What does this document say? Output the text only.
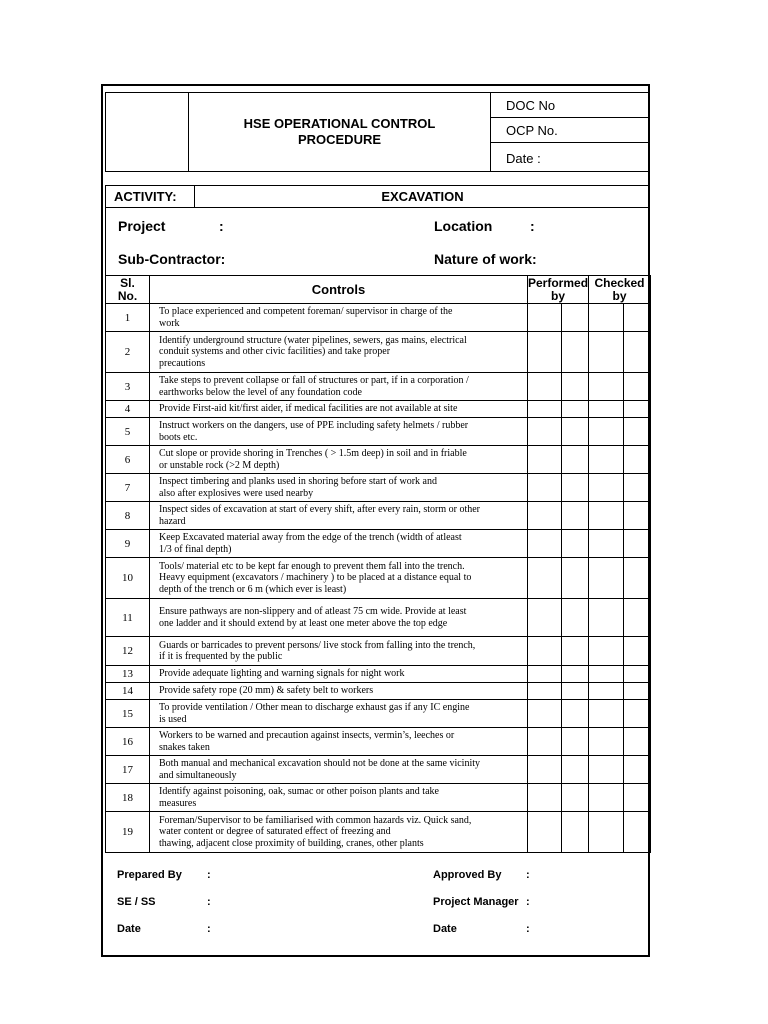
HSE OPERATIONAL CONTROL
PROCEDURE
DOC No
OCP No.
Date :
ACTIVITY:	EXCAVATION
Project	:	Location	:
Sub-Contractor:	Nature of work:
Sl.
No.	Controls	Performed
by		Checked
by	
1	To place experienced and competent foreman/ supervisor in charge of the
work				

2	Identify underground structure (water pipelines, sewers, gas mains, electrical
conduit systems and other civic facilities) and take proper
precautions				

3	Take steps to prevent collapse or fall of structures or part, if in a corporation /
earthworks below the level of any foundation code				

4	Provide First-aid kit/first aider, if medical facilities are not available at site				

5	Instruct workers on the dangers, use of PPE including safety helmets / rubber
boots etc.				

6	Cut slope or provide shoring in Trenches ( > 1.5m deep) in soil and in friable
or unstable rock (>2 M depth)				

7	Inspect timbering and planks used in shoring before start of work and
also after explosives were used nearby				

8	Inspect sides of excavation at start of every shift, after every rain, storm or other
hazard				

9	Keep Excavated material away from the edge of the trench (width of atleast
1/3 of final depth)				

10	Tools/ material etc to be kept far enough to prevent them fall into the trench.
Heavy equipment (excavators / machinery ) to be placed at a distance equal to
depth of the trench or 6 m (which ever is least)				

11	Ensure pathways are non-slippery and of atleast 75 cm wide. Provide at least
one ladder and it should extend by at least one meter above the top edge				

12	Guards or barricades to prevent persons/ live stock from falling into the trench,
if it is frequented by the public				

13	Provide adequate lighting and warning signals for night work				

14	Provide safety rope (20 mm) & safety belt to workers				

15	To provide ventilation / Other mean to discharge exhaust gas if any IC engine
is used				

16	Workers to be warned and precaution against insects, vermin’s, leeches or
snakes taken				

17	Both manual and mechanical excavation should not be done at the same vicinity
and simultaneously				

18	Identify against poisoning, oak, sumac or other poison plants and take
measures				

19	Foreman/Supervisor to be familiarised with common hazards viz. Quick sand,
water content or degree of saturated effect of freezing and
thawing, adjacent close proximity of building, cranes, other plants				

Prepared By :
SE / SS	:
Date	:
Approved By :
Project Manager :
Date	:
